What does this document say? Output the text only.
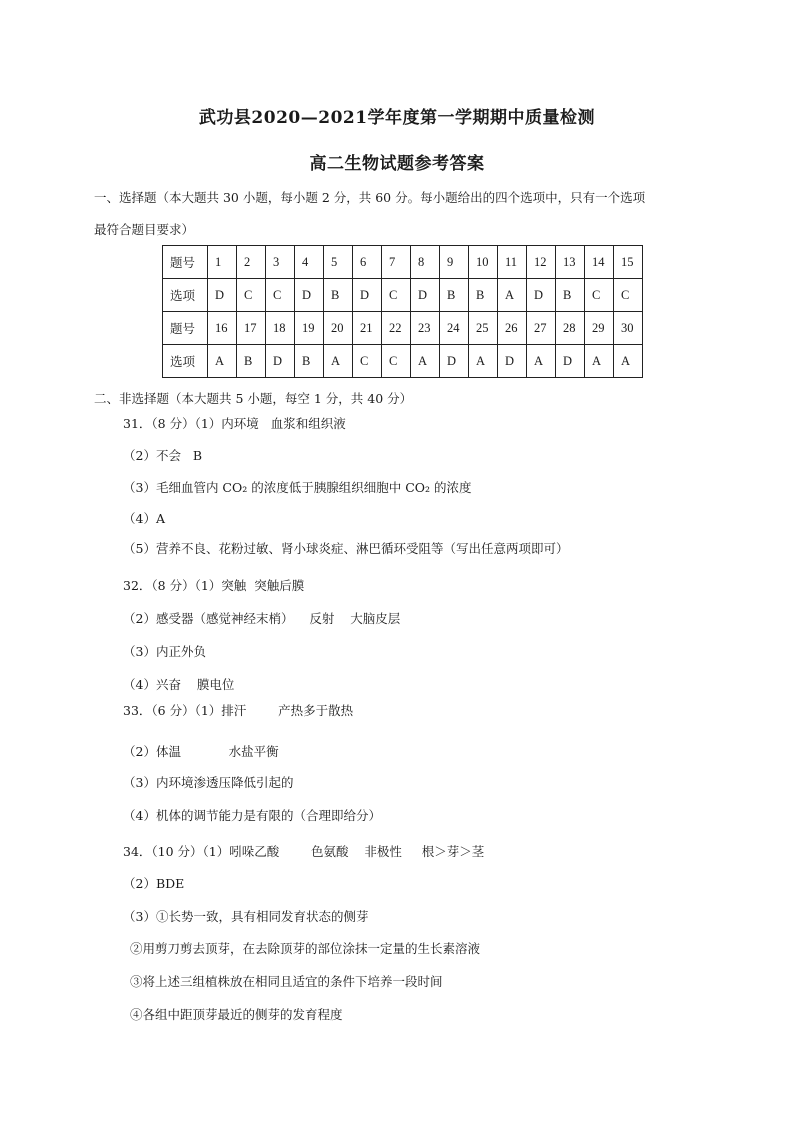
武功县2020—2021学年度第一学期期中质量检测
高二生物试题参考答案
一、选择题（本大题共 30 小题，每小题 2 分，共 60 分。每小题给出的四个选项中，只有一个选项
最符合题目要求）
题号	1	2	3	4	5	6	7	8	9	10	11	12	13	14	15
选项	D	C	C	D	B	D	C	D	B	B	A	D	B	C	C
题号	16	17	18	19	20	21	22	23	24	25	26	27	28	29	30
选项	A	B	D	B	A	C	C	A	D	A	D	A	D	A	A
二、非选择题（本大题共 5 小题，每空 1 分，共 40 分）
31．（8 分）（1）内环境   血浆和组织液
（2）不会   B
（3）毛细血管内 CO₂ 的浓度低于胰腺组织细胞中 CO₂ 的浓度
（4）A
（5）营养不良、花粉过敏、肾小球炎症、淋巴循环受阻等（写出任意两项即可）
32．（8 分）（1）突触  突触后膜
（2）感受器（感觉神经末梢）    反射    大脑皮层
（3）内正外负
（4）兴奋    膜电位
33．（6 分）（1）排汗        产热多于散热
（2）体温            水盐平衡
（3）内环境渗透压降低引起的
（4）机体的调节能力是有限的（合理即给分）
34．（10 分）（1）吲哚乙酸        色氨酸    非极性     根＞芽＞茎
（2）BDE
（3）①长势一致，具有相同发育状态的侧芽
②用剪刀剪去顶芽，在去除顶芽的部位涂抹一定量的生长素溶液
③将上述三组植株放在相同且适宜的条件下培养一段时间
④各组中距顶芽最近的侧芽的发育程度
